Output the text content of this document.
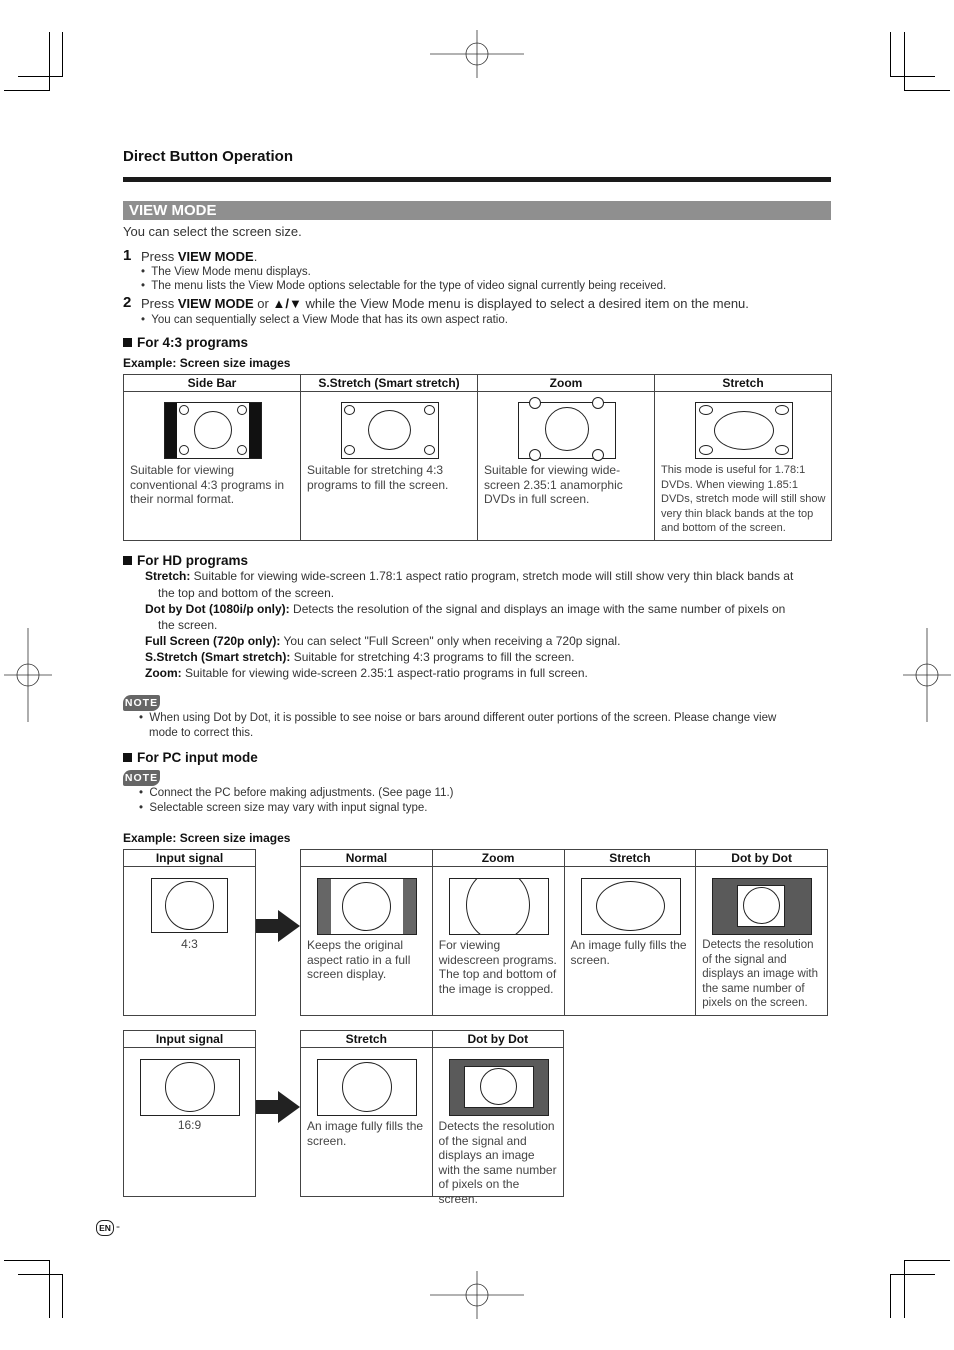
Direct Button Operation
VIEW MODE
You can select the screen size.
1 Press VIEW MODE.
•  The View Mode menu displays.
•  The menu lists the View Mode options selectable for the type of video signal currently being received.
2 Press VIEW MODE or ▲/▼ while the View Mode menu is displayed to select a desired item on the menu.
•  You can sequentially select a View Mode that has its own aspect ratio.
For 4:3 programs
Example: Screen size images
Side Bar	S.Stretch (Smart stretch)	Zoom	Stretch

Suitable for viewing conventional 4:3 programs in their normal format.	Suitable for stretching 4:3 programs to fill the screen.	Suitable for viewing wide-screen 2.35:1 anamorphic DVDs in full screen.	This mode is useful for 1.78:1 DVDs. When viewing 1.85:1 DVDs, stretch mode will still show very thin black bands at the top and bottom of the screen.
For HD programs
Stretch: Suitable for viewing wide-screen 1.78:1 aspect ratio program, stretch mode will still show very thin black bands at
the top and bottom of the screen.
Dot by Dot (1080i/p only): Detects the resolution of the signal and displays an image with the same number of pixels on
the screen.
Full Screen (720p only): You can select "Full Screen" only when receiving a 720p signal.
S.Stretch (Smart stretch): Suitable for stretching 4:3 programs to fill the screen.
Zoom: Suitable for viewing wide-screen 2.35:1 aspect-ratio programs in full screen.
NOTE
•  When using Dot by Dot, it is possible to see noise or bars around different outer portions of the screen. Please change view
mode to correct this.
For PC input mode
NOTE
•  Connect the PC before making adjustments. (See page 11.)
•  Selectable screen size may vary with input signal type.
Example: Screen size images
Input signal

4:3
Normal	Zoom	Stretch	Dot by Dot

Keeps the original aspect ratio in a full screen display.	For viewing widescreen programs. The top and bottom of the image is cropped.	An image fully fills the screen.	Detects the resolution of the signal and displays an image with the same number of pixels on the screen.
Input signal

16:9
Stretch	Dot by Dot

An image fully fills the screen.	Detects the resolution of the signal and displays an image with the same number of pixels on the screen.
EN -
